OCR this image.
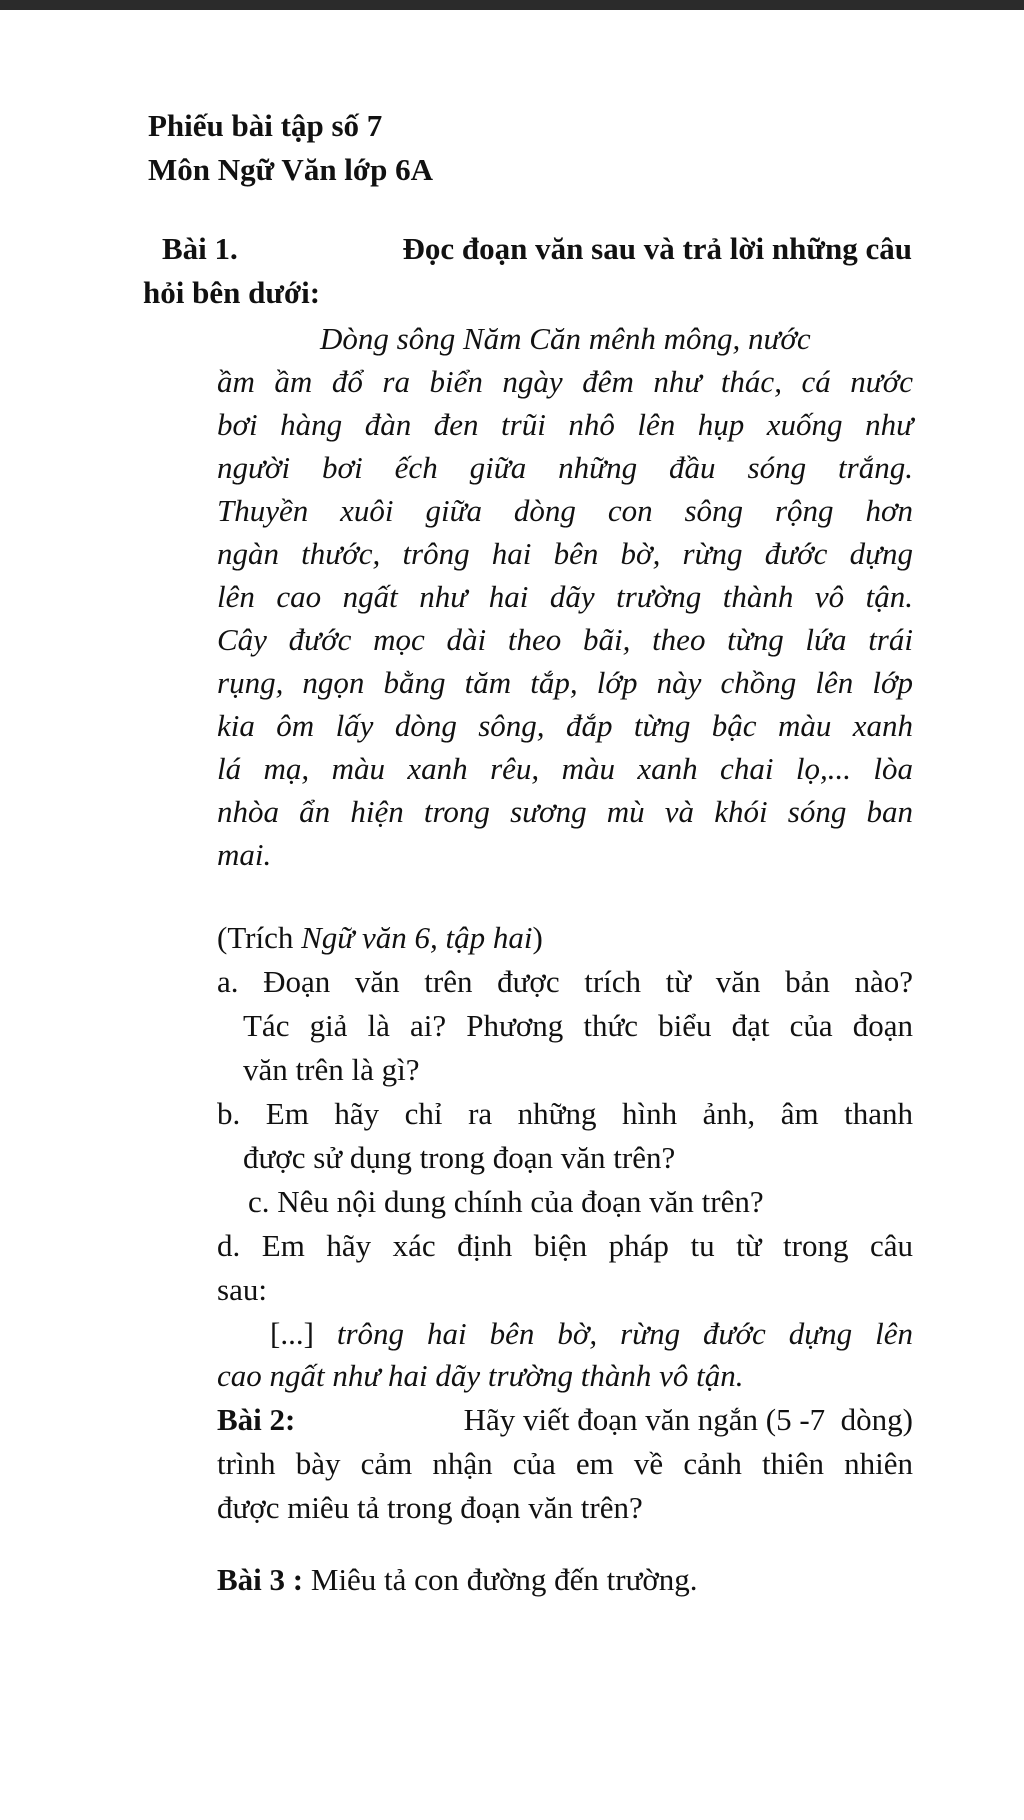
Phiếu bài tập số 7
Môn Ngữ Văn lớp 6A
Bài 1.	Đọc đoạn văn sau và trả lời những câu
hỏi bên dưới:
Dòng sông Năm Căn mênh mông, nước
ầm ầm đổ ra biển ngày đêm như thác, cá nước
bơi hàng đàn đen trũi nhô lên hụp xuống như
người bơi ếch giữa những đầu sóng trắng.
Thuyền xuôi giữa dòng con sông rộng hơn
ngàn thước, trông hai bên bờ, rừng đước dựng
lên cao ngất như hai dãy trường thành vô tận.
Cây đước mọc dài theo bãi, theo từng lứa trái
rụng, ngọn bằng tăm tắp, lớp này chồng lên lớp
kia ôm lấy dòng sông, đắp từng bậc màu xanh
lá mạ, màu xanh rêu, màu xanh chai lọ,... lòa
nhòa ẩn hiện trong sương mù và khói sóng ban
mai.
(Trích Ngữ văn 6, tập hai)
a. Đoạn văn trên được trích từ văn bản nào?
Tác giả là ai? Phương thức biểu đạt của đoạn
văn trên là gì?
b. Em hãy chỉ ra những hình ảnh, âm thanh
được sử dụng trong đoạn văn trên?
c. Nêu nội dung chính của đoạn văn trên?
d. Em hãy xác định biện pháp tu từ trong câu
sau:
[...] trông hai bên bờ, rừng đước dựng lên
cao ngất như hai dãy trường thành vô tận.
Bài 2:	Hãy viết đoạn văn ngắn (5 -7  dòng)
trình bày cảm nhận của em về cảnh thiên nhiên
được miêu tả trong đoạn văn trên?
Bài 3 : Miêu tả con đường đến trường.
